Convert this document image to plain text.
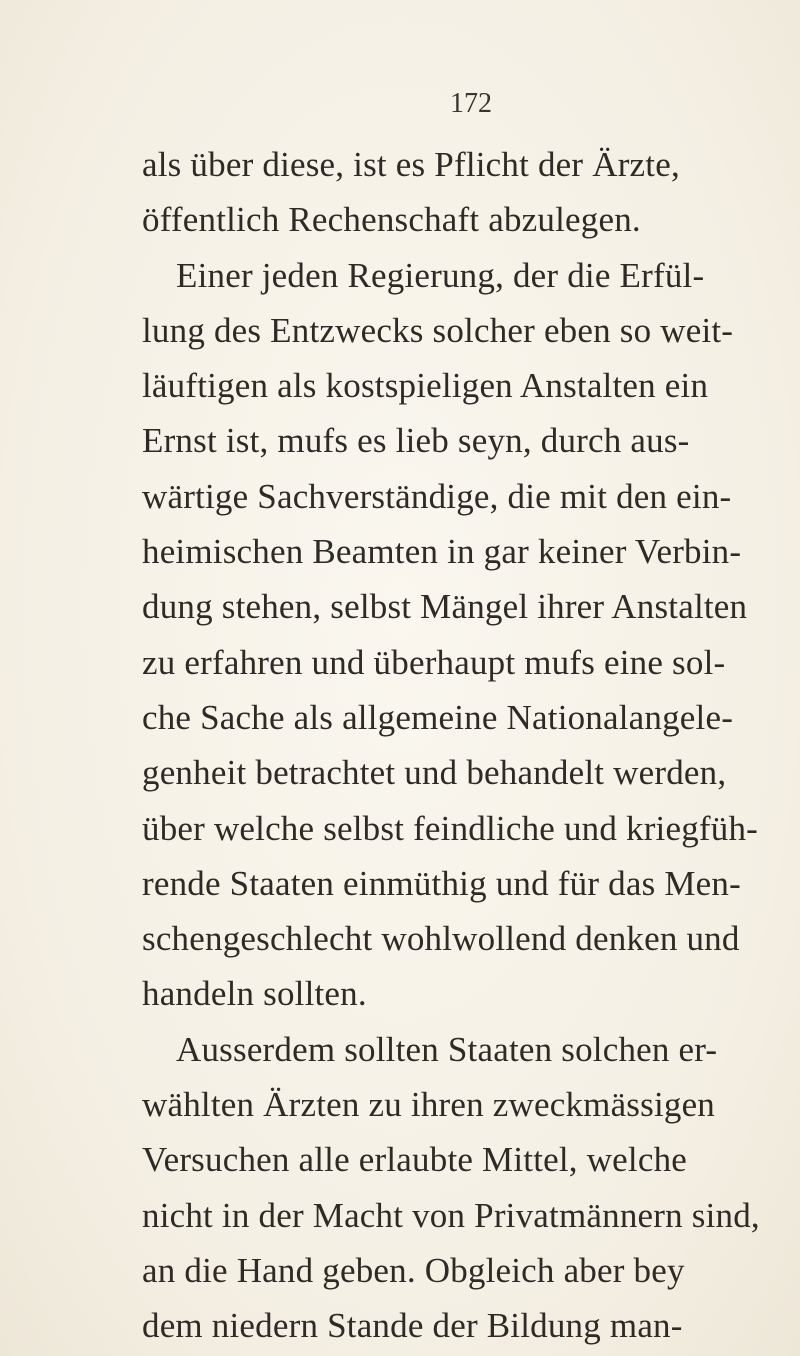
172
als über diese, ist es Pflicht der Ärzte,
öffentlich Rechenschaft abzulegen.
Einer jeden Regierung, der die Erfül-
lung des Entzwecks solcher eben so weit-
läuftigen als kostspieligen Anstalten ein
Ernst ist, mufs es lieb seyn, durch aus-
wärtige Sachverständige, die mit den ein-
heimischen Beamten in gar keiner Verbin-
dung stehen, selbst Mängel ihrer Anstalten
zu erfahren und überhaupt mufs eine sol-
che Sache als allgemeine Nationalangele-
genheit betrachtet und behandelt werden,
über welche selbst feindliche und kriegfüh-
rende Staaten einmüthig und für das Men-
schengeschlecht wohlwollend denken und
handeln sollten.
Ausserdem sollten Staaten solchen er-
wählten Ärzten zu ihren zweckmässigen
Versuchen alle erlaubte Mittel, welche
nicht in der Macht von Privatmännern sind,
an die Hand geben. Obgleich aber bey
dem niedern Stande der Bildung man-
